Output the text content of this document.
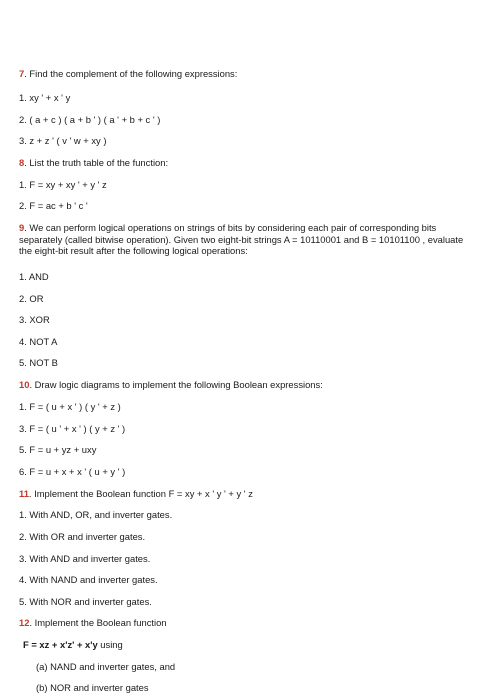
7. Find the complement of the following expressions:
1. xy ' + x ' y
2. ( a + c ) ( a + b ' ) ( a ' + b + c ' )
3. z + z ' ( v ' w + xy )
8. List the truth table of the function:
1. F = xy + xy ' + y ' z
2. F = ac + b ' c '
9. We can perform logical operations on strings of bits by considering each pair of corresponding bits separately (called bitwise operation). Given two eight-bit strings A = 10110001 and B = 10101100 , evaluate the eight-bit result after the following logical operations:
1. AND
2. OR
3. XOR
4. NOT A
5. NOT B
10. Draw logic diagrams to implement the following Boolean expressions:
1. F = ( u + x ' ) ( y ' + z )
3. F = ( u ' + x ' ) ( y + z ' )
5. F = u + yz + uxy
6. F = u + x + x ' ( u + y ' )
11. Implement the Boolean function F = xy + x ' y ' + y ' z
1. With AND, OR, and inverter gates.
2. With OR and inverter gates.
3. With AND and inverter gates.
4. With NAND and inverter gates.
5. With NOR and inverter gates.
12. Implement the Boolean function
F = xz + x'z' + x'y using
(a) NAND and inverter gates, and
(b) NOR and inverter gates
